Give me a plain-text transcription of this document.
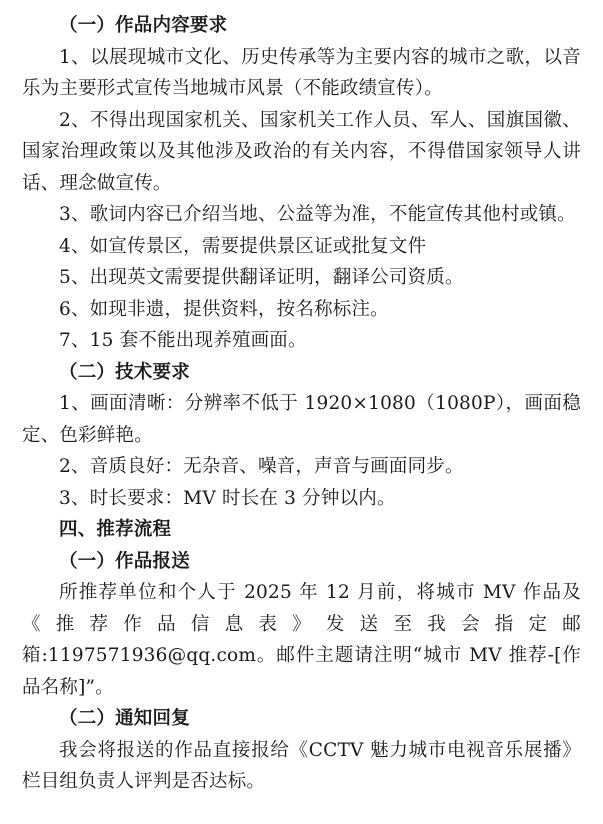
（一）作品内容要求

1、以展现城市文化、历史传承等为主要内容的城市之歌，以音乐为主要形式宣传当地城市风景（不能政绩宣传）。

2、不得出现国家机关、国家机关工作人员、军人、国旗国徽、国家治理政策以及其他涉及政治的有关内容，不得借国家领导人讲话、理念做宣传。

3、歌词内容已介绍当地、公益等为准，不能宣传其他村或镇。

4、如宣传景区，需要提供景区证或批复文件

5、出现英文需要提供翻译证明，翻译公司资质。

6、如现非遗，提供资料，按名称标注。

7、15 套不能出现养殖画面。

（二）技术要求

1、画面清晰：分辨率不低于 1920×1080（1080P），画面稳定、色彩鲜艳。

2、音质良好：无杂音、噪音，声音与画面同步。

3、时长要求：MV 时长在 3 分钟以内。

四、推荐流程

（一）作品报送

所推荐单位和个人于 2025 年 12 月前，将城市 MV 作品及《推荐作品信息表》发送至我会指定邮箱:1197571936@qq.com。邮件主题请注明“城市 MV 推荐-[作品名称]”。

（二）通知回复

我会将报送的作品直接报给《CCTV 魅力城市电视音乐展播》栏目组负责人评判是否达标。
